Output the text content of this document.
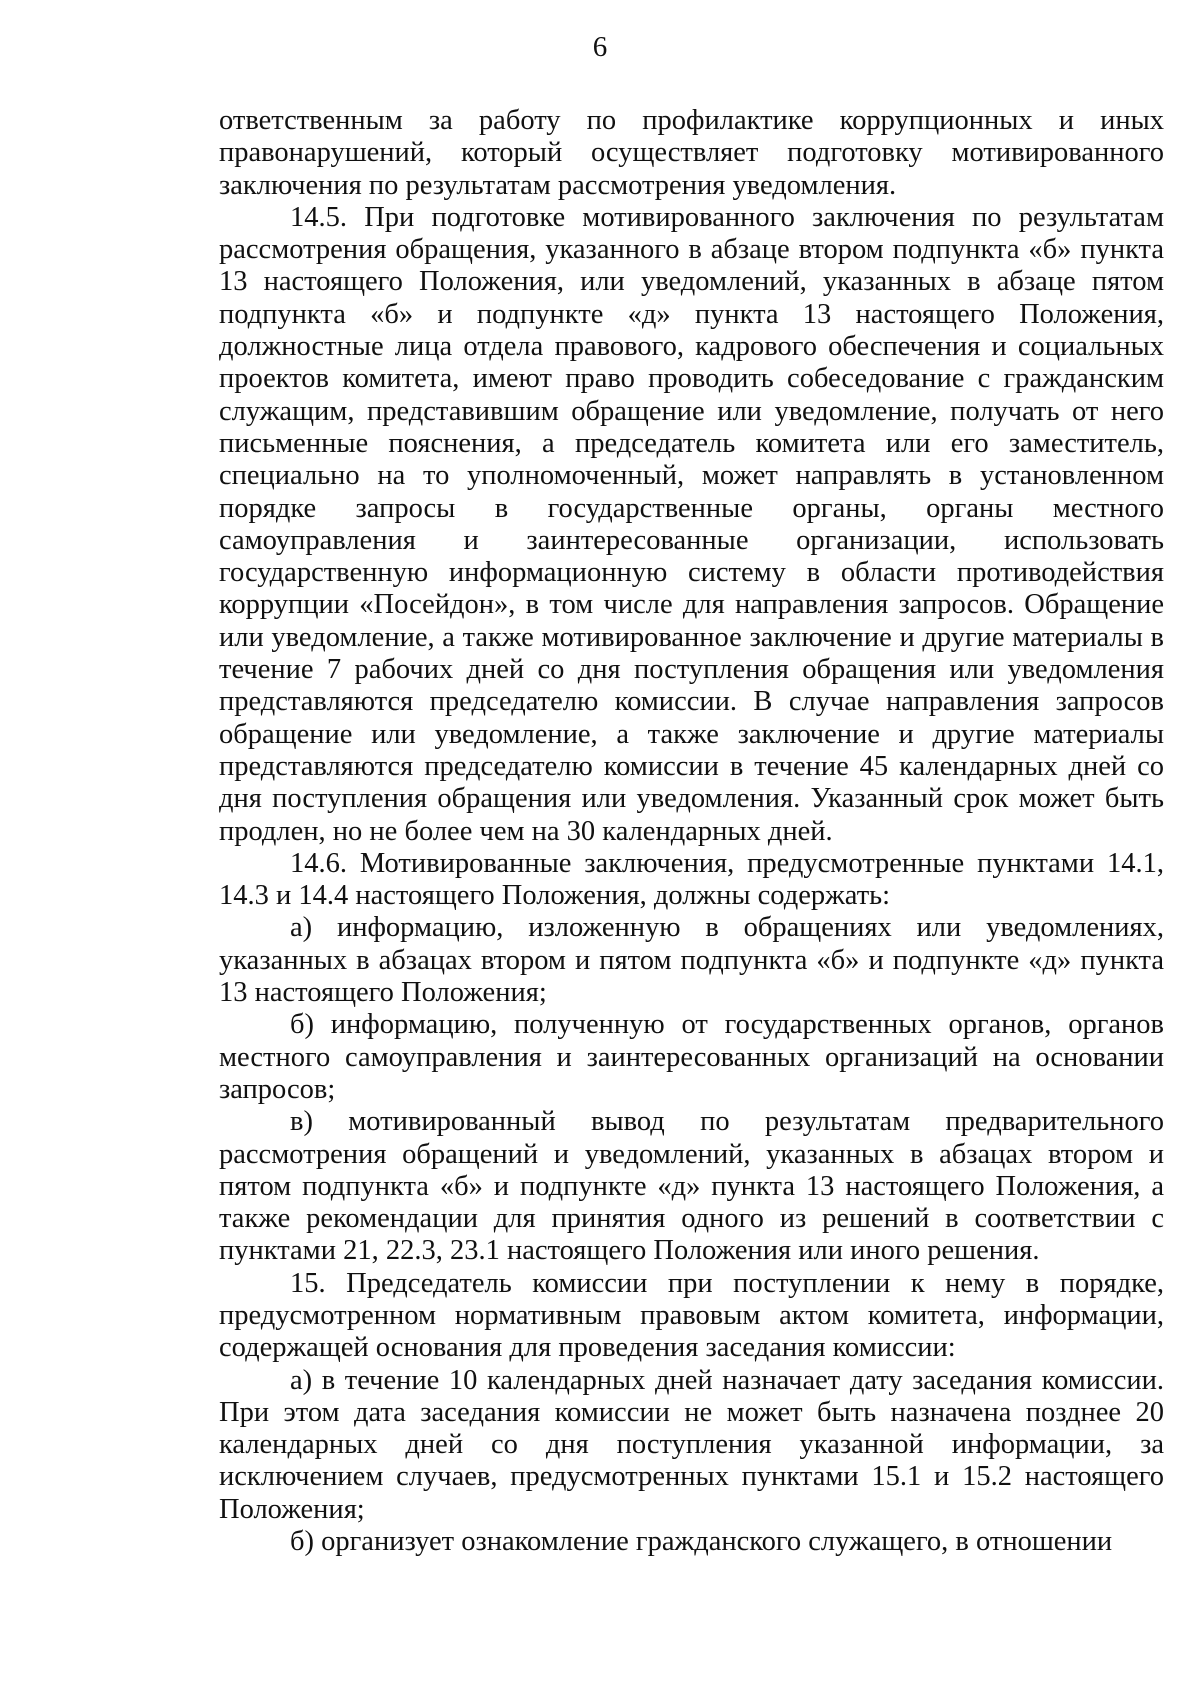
6

ответственным за работу по профилактике коррупционных и иных правонарушений, который осуществляет подготовку мотивированного заключения по результатам рассмотрения уведомления.

14.5. При подготовке мотивированного заключения по результатам рассмотрения обращения, указанного в абзаце втором подпункта «б» пункта 13 настоящего Положения, или уведомлений, указанных в абзаце пятом подпункта «б» и подпункте «д» пункта 13 настоящего Положения, должностные лица отдела правового, кадрового обеспечения и социальных проектов комитета, имеют право проводить собеседование с гражданским служащим, представившим обращение или уведомление, получать от него письменные пояснения, а председатель комитета или его заместитель, специально на то уполномоченный, может направлять в установленном порядке запросы в государственные органы, органы местного самоуправления и заинтересованные организации, использовать государственную информационную систему в области противодействия коррупции «Посейдон», в том числе для направления запросов. Обращение или уведомление, а также мотивированное заключение и другие материалы в течение 7 рабочих дней со дня поступления обращения или уведомления представляются председателю комиссии. В случае направления запросов обращение или уведомление, а также заключение и другие материалы представляются председателю комиссии в течение 45 календарных дней со дня поступления обращения или уведомления. Указанный срок может быть продлен, но не более чем на 30 календарных дней.

14.6. Мотивированные заключения, предусмотренные пунктами 14.1, 14.3 и 14.4 настоящего Положения, должны содержать:

а) информацию, изложенную в обращениях или уведомлениях, указанных в абзацах втором и пятом подпункта «б» и подпункте «д» пункта 13 настоящего Положения;

б) информацию, полученную от государственных органов, органов местного самоуправления и заинтересованных организаций на основании запросов;

в) мотивированный вывод по результатам предварительного рассмотрения обращений и уведомлений, указанных в абзацах втором и пятом подпункта «б» и подпункте «д» пункта 13 настоящего Положения, а также рекомендации для принятия одного из решений в соответствии с пунктами 21, 22.3, 23.1 настоящего Положения или иного решения.

15. Председатель комиссии при поступлении к нему в порядке, предусмотренном нормативным правовым актом комитета, информации, содержащей основания для проведения заседания комиссии:

а) в течение 10 календарных дней назначает дату заседания комиссии. При этом дата заседания комиссии не может быть назначена позднее 20 календарных дней со дня поступления указанной информации, за исключением случаев, предусмотренных пунктами 15.1 и 15.2 настоящего Положения;

б) организует ознакомление гражданского служащего, в отношении
